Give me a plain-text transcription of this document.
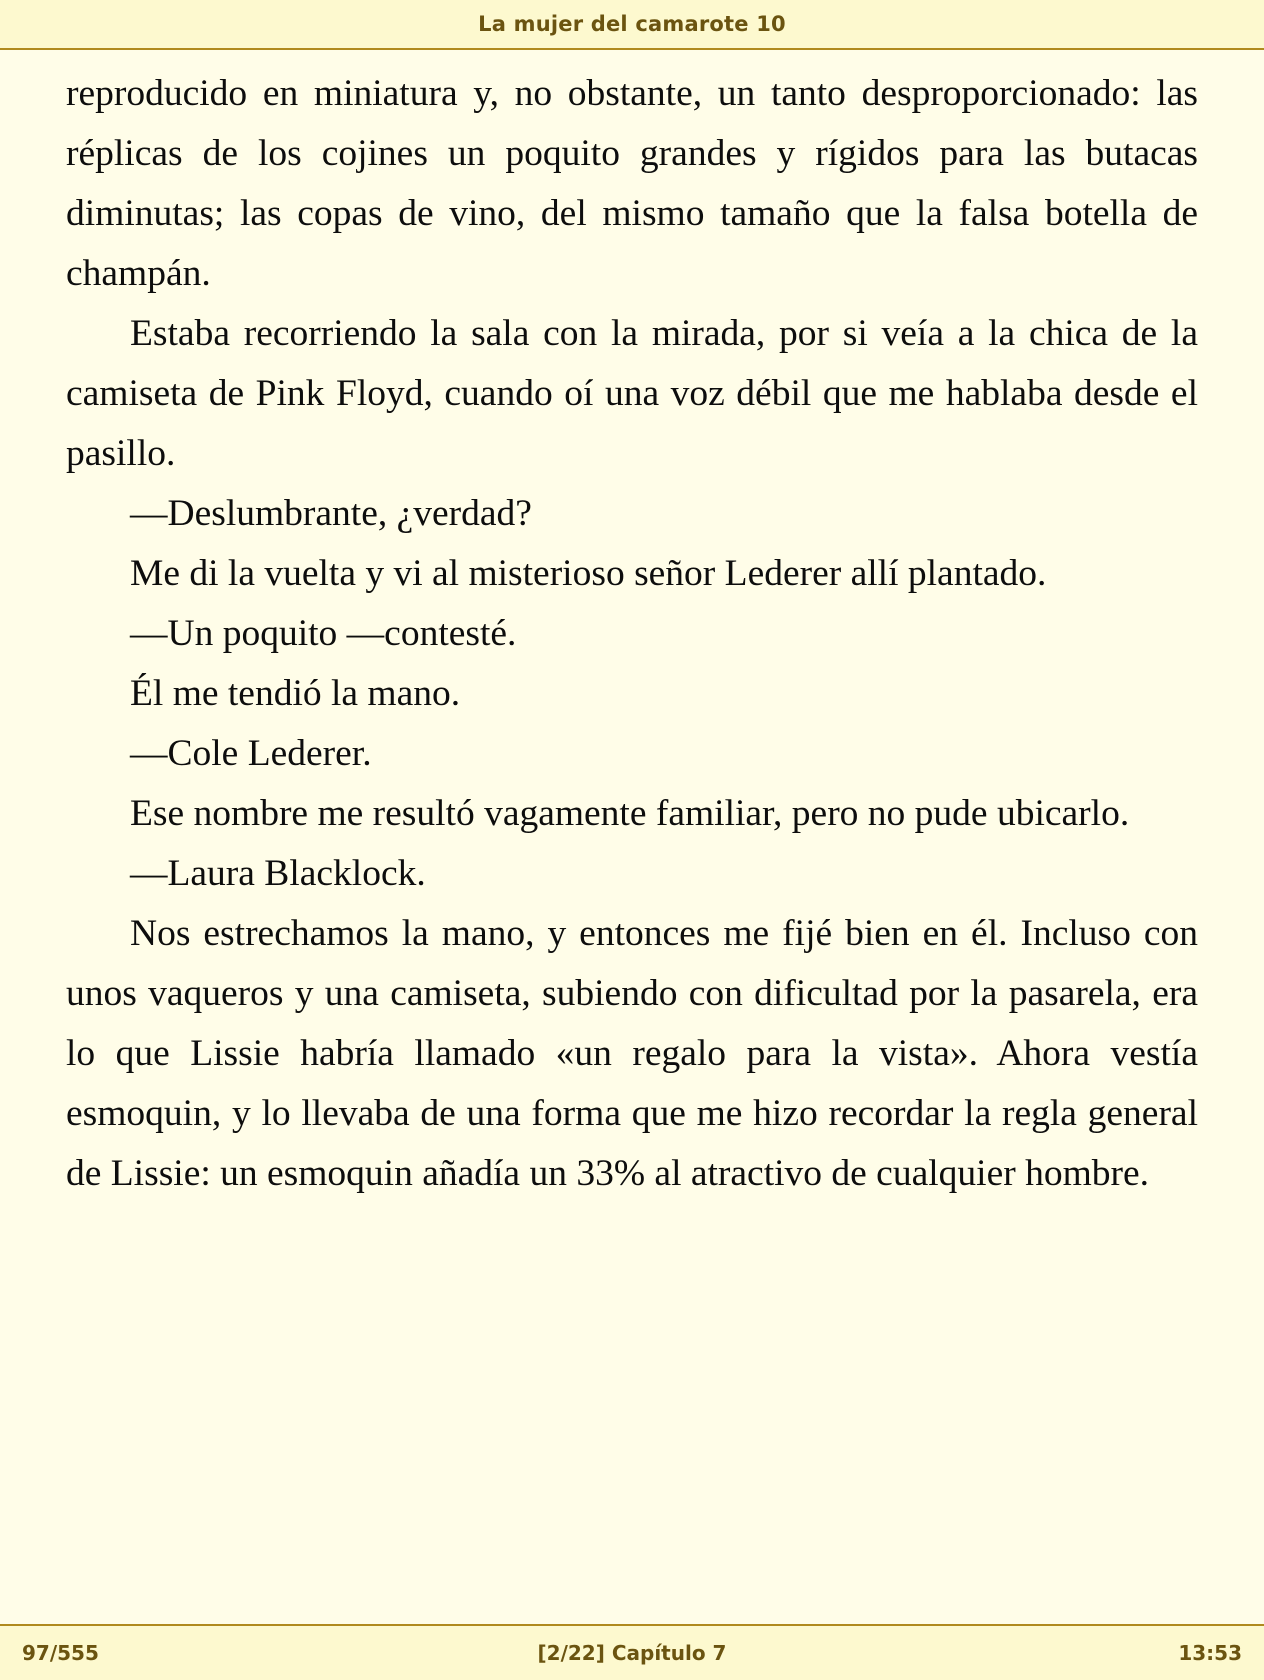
La mujer del camarote 10

reproducido en miniatura y, no obstante, un tanto desproporcionado: las réplicas de los cojines un poquito grandes y rígidos para las butacas diminutas; las copas de vino, del mismo tamaño que la falsa botella de champán.

Estaba recorriendo la sala con la mirada, por si veía a la chica de la camiseta de Pink Floyd, cuando oí una voz débil que me hablaba desde el pasillo.

—Deslumbrante, ¿verdad?

Me di la vuelta y vi al misterioso señor Lederer allí plantado.

—Un poquito —contesté.

Él me tendió la mano.

—Cole Lederer.

Ese nombre me resultó vagamente familiar, pero no pude ubicarlo.

—Laura Blacklock.

Nos estrechamos la mano, y entonces me fijé bien en él. Incluso con unos vaqueros y una camiseta, subiendo con dificultad por la pasarela, era lo que Lissie habría llamado «un regalo para la vista». Ahora vestía esmoquin, y lo llevaba de una forma que me hizo recordar la regla general de Lissie: un esmoquin añadía un 33% al atractivo de cualquier hombre.

97/555	[2/22] Capítulo 7	13:53
